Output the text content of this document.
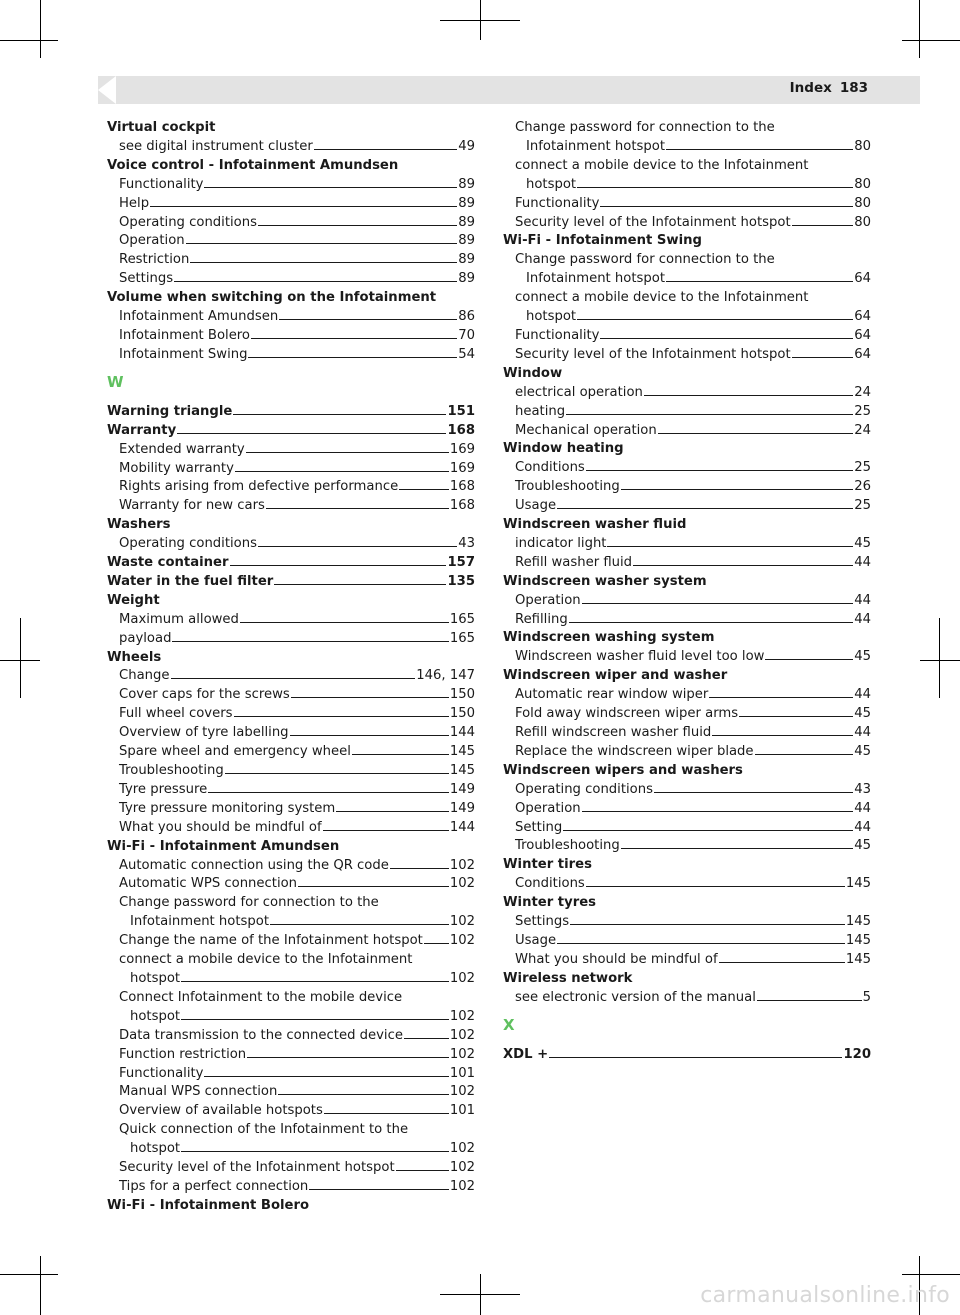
Index 183
Virtual cockpit
see digital instrument cluster	49
Voice control - Infotainment Amundsen
Functionality	89
Help	89
Operating conditions	89
Operation	89
Restriction	89
Settings	89
Volume when switching on the Infotainment
Infotainment Amundsen	86
Infotainment Bolero	70
Infotainment Swing	54
W
Warning triangle	151
Warranty	168
Extended warranty	169
Mobility warranty	169
Rights arising from defective performance	168
Warranty for new cars	168
Washers
Operating conditions	43
Waste container	157
Water in the fuel filter	135
Weight
Maximum allowed	165
payload	165
Wheels
Change	146, 147
Cover caps for the screws	150
Full wheel covers	150
Overview of tyre labelling	144
Spare wheel and emergency wheel	145
Troubleshooting	145
Tyre pressure	149
Tyre pressure monitoring system	149
What you should be mindful of	144
Wi-Fi - Infotainment Amundsen
Automatic connection using the QR code	102
Automatic WPS connection	102
Change password for connection to the
Infotainment hotspot	102
Change the name of the Infotainment hotspot 102
connect a mobile device to the Infotainment
hotspot	102
Connect Infotainment to the mobile device
hotspot	102
Data transmission to the connected device	102
Function restriction	102
Functionality	101
Manual WPS connection	102
Overview of available hotspots	101
Quick connection of the Infotainment to the
hotspot	102
Security level of the Infotainment hotspot	102
Tips for a perfect connection	102
Wi-Fi - Infotainment Bolero
Change password for connection to the
Infotainment hotspot	80
connect a mobile device to the Infotainment
hotspot	80
Functionality	80
Security level of the Infotainment hotspot	80
Wi-Fi - Infotainment Swing
Change password for connection to the
Infotainment hotspot	64
connect a mobile device to the Infotainment
hotspot	64
Functionality	64
Security level of the Infotainment hotspot	64
Window
electrical operation	24
heating	25
Mechanical operation	24
Window heating
Conditions	25
Troubleshooting	26
Usage	25
Windscreen washer fluid
indicator light	45
Refill washer fluid	44
Windscreen washer system
Operation	44
Refilling	44
Windscreen washing system
Windscreen washer fluid level too low	45
Windscreen wiper and washer
Automatic rear window wiper	44
Fold away windscreen wiper arms	45
Refill windscreen washer fluid	44
Replace the windscreen wiper blade	45
Windscreen wipers and washers
Operating conditions	43
Operation	44
Setting	44
Troubleshooting	45
Winter tires
Conditions	145
Winter tyres
Settings	145
Usage	145
What you should be mindful of	145
Wireless network
see electronic version of the manual	5
X
XDL +	120
carmanualsonline.info
